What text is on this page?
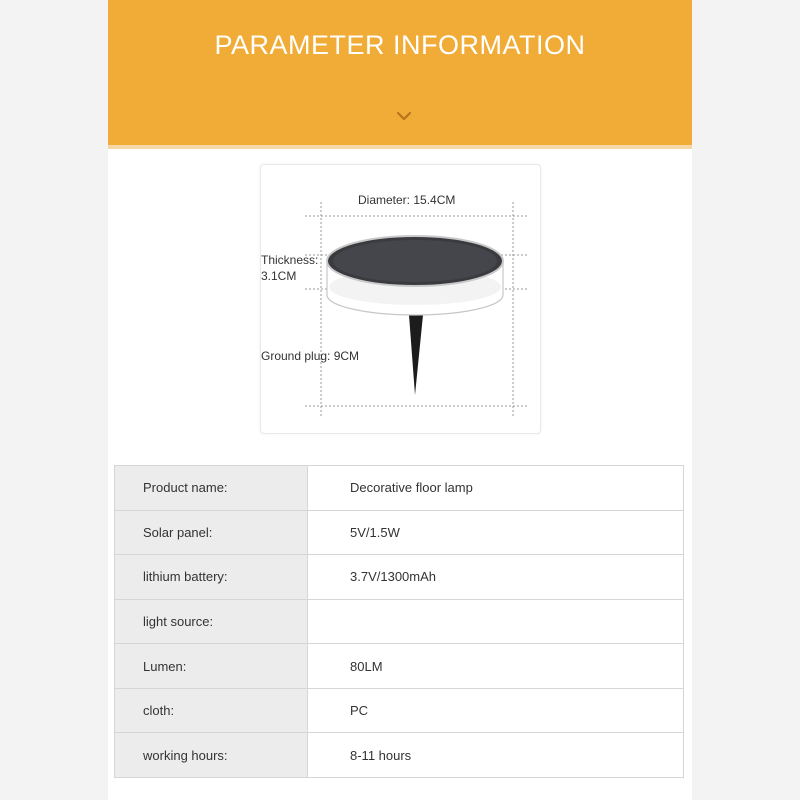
PARAMETER INFORMATION
Diameter: 15.4CM
Thickness:
3.1CM
Ground plug: 9CM
Product name:	Decorative floor lamp
Solar panel:	5V/1.5W
lithium battery:	3.7V/1300mAh
light source:	
Lumen:	80LM
cloth:	PC
working hours:	8-11 hours
